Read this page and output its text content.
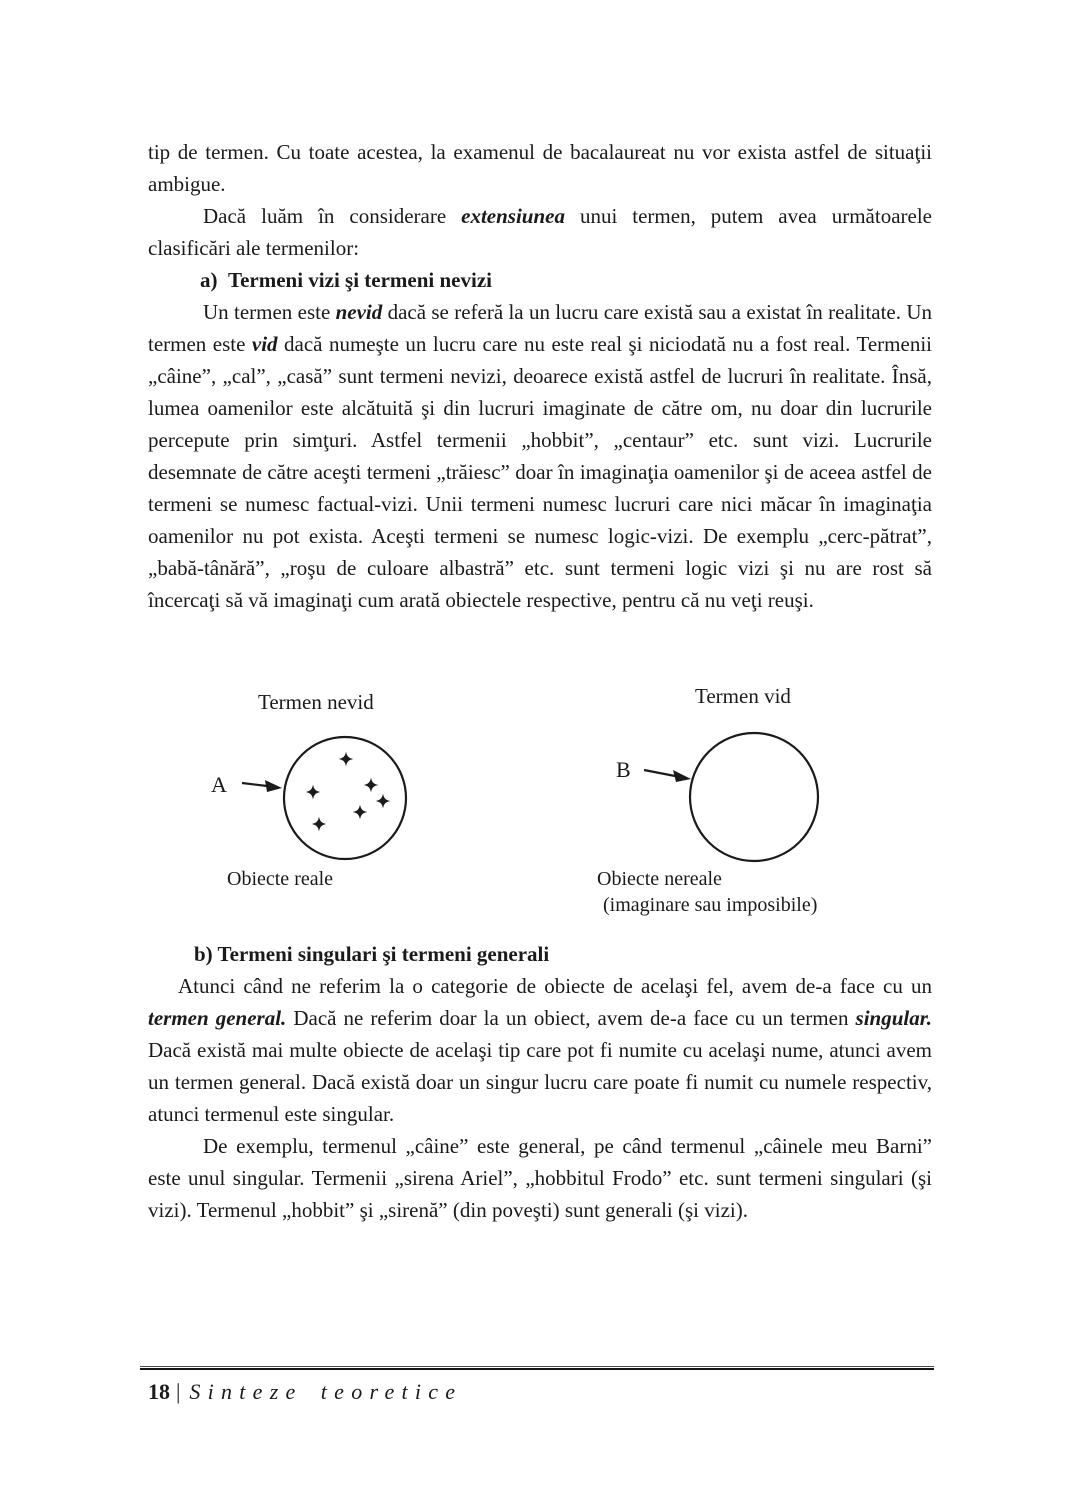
tip de termen. Cu toate acestea, la examenul de bacalaureat nu vor exista astfel de situaţii ambigue.

Dacă luăm în considerare extensiunea unui termen, putem avea următoarele clasificări ale termenilor:

a)  Termeni vizi şi termeni nevizi

Un termen este nevid dacă se referă la un lucru care există sau a existat în realitate. Un termen este vid dacă numeşte un lucru care nu este real şi niciodată nu a fost real. Termenii „câine”, „cal”, „casă” sunt termeni nevizi, deoarece există astfel de lucruri în realitate. Însă, lumea oamenilor este alcătuită şi din lucruri imaginate de către om, nu doar din lucrurile percepute prin simţuri. Astfel termenii „hobbit”, „centaur” etc. sunt vizi. Lucrurile desemnate de către aceşti termeni „trăiesc” doar în imaginaţia oamenilor şi de aceea astfel de termeni se numesc factual-vizi. Unii termeni numesc lucruri care nici măcar în imaginaţia oamenilor nu pot exista. Aceşti termeni se numesc logic-vizi. De exemplu „cerc-pătrat”, „babă-tânără”, „roşu de culoare albastră” etc. sunt termeni logic vizi şi nu are rost să încercaţi să vă imaginaţi cum arată obiectele respective, pentru că nu veţi reuşi.

Termen nevid	Termen vid
A
B
Obiecte reale	Obiecte nereale
(imaginare sau imposibile)

b) Termeni singulari şi termeni generali

Atunci când ne referim la o categorie de obiecte de acelaşi fel, avem de-a face cu un termen general. Dacă ne referim doar la un obiect, avem de-a face cu un termen singular. Dacă există mai multe obiecte de acelaşi tip care pot fi numite cu acelaşi nume, atunci avem un termen general. Dacă există doar un singur lucru care poate fi numit cu numele respectiv, atunci termenul este singular.

De exemplu, termenul „câine” este general, pe când termenul „câinele meu Barni” este unul singular. Termenii „sirena Ariel”, „hobbitul Frodo” etc. sunt termeni singulari (şi vizi). Termenul „hobbit” şi „sirenă” (din poveşti) sunt generali (şi vizi).

18 | Sinteze teoretice
